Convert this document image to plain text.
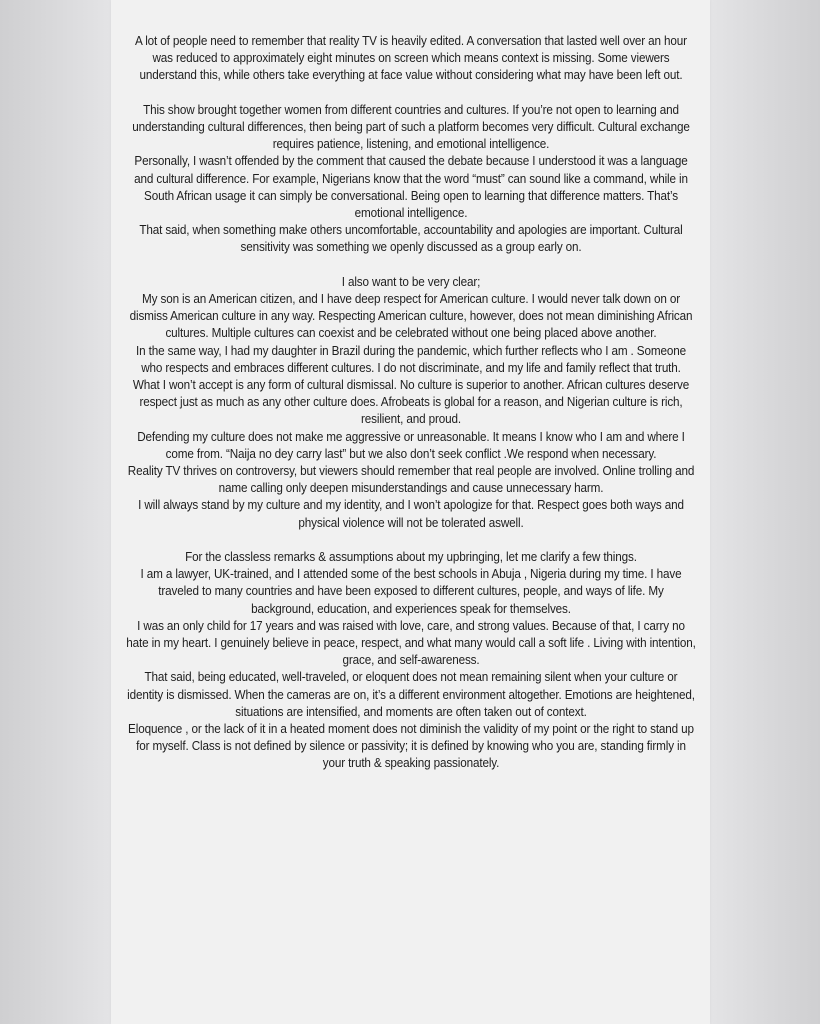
A lot of people need to remember that reality TV is heavily edited. A conversation that lasted well over an hour was reduced to approximately eight minutes on screen which means context is missing. Some viewers understand this, while others take everything at face value without considering what may have been left out.

This show brought together women from different countries and cultures. If you’re not open to learning and understanding cultural differences, then being part of such a platform becomes very difficult. Cultural exchange requires patience, listening, and emotional intelligence.

Personally, I wasn’t offended by the comment that caused the debate because I understood it was a language and cultural difference. For example, Nigerians know that the word “must” can sound like a command, while in South African usage it can simply be conversational. Being open to learning that difference matters. That’s emotional intelligence.

That said, when something make others uncomfortable, accountability and apologies are important. Cultural sensitivity was something we openly discussed as a group early on.

I also want to be very clear;

My son is an American citizen, and I have deep respect for American culture. I would never talk down on or dismiss American culture in any way. Respecting American culture, however, does not mean diminishing African cultures. Multiple cultures can coexist and be celebrated without one being placed above another.

In the same way, I had my daughter in Brazil during the pandemic, which further reflects who I am . Someone who respects and embraces different cultures. I do not discriminate, and my life and family reflect that truth.

What I won’t accept is any form of cultural dismissal. No culture is superior to another. African cultures deserve respect just as much as any other culture does. Afrobeats is global for a reason, and Nigerian culture is rich, resilient, and proud.

Defending my culture does not make me aggressive or unreasonable. It means I know who I am and where I come from. “Naija no dey carry last” but we also don’t seek conflict .We respond when necessary.

Reality TV thrives on controversy, but viewers should remember that real people are involved. Online trolling and name calling only deepen misunderstandings and cause unnecessary harm.

I will always stand by my culture and my identity, and I won’t apologize for that. Respect goes both ways and physical violence will not be tolerated aswell.

For the classless remarks & assumptions about my upbringing, let me clarify a few things.

I am a lawyer, UK-trained, and I attended some of the best schools in Abuja , Nigeria during my time. I have traveled to many countries and have been exposed to different cultures, people, and ways of life. My background, education, and experiences speak for themselves.

I was an only child for 17 years and was raised with love, care, and strong values. Because of that, I carry no hate in my heart. I genuinely believe in peace, respect, and what many would call a soft life . Living with intention, grace, and self-awareness.

That said, being educated, well-traveled, or eloquent does not mean remaining silent when your culture or identity is dismissed. When the cameras are on, it’s a different environment altogether. Emotions are heightened, situations are intensified, and moments are often taken out of context.

Eloquence , or the lack of it in a heated moment does not diminish the validity of my point or the right to stand up for myself. Class is not defined by silence or passivity; it is defined by knowing who you are, standing firmly in your truth & speaking passionately.
